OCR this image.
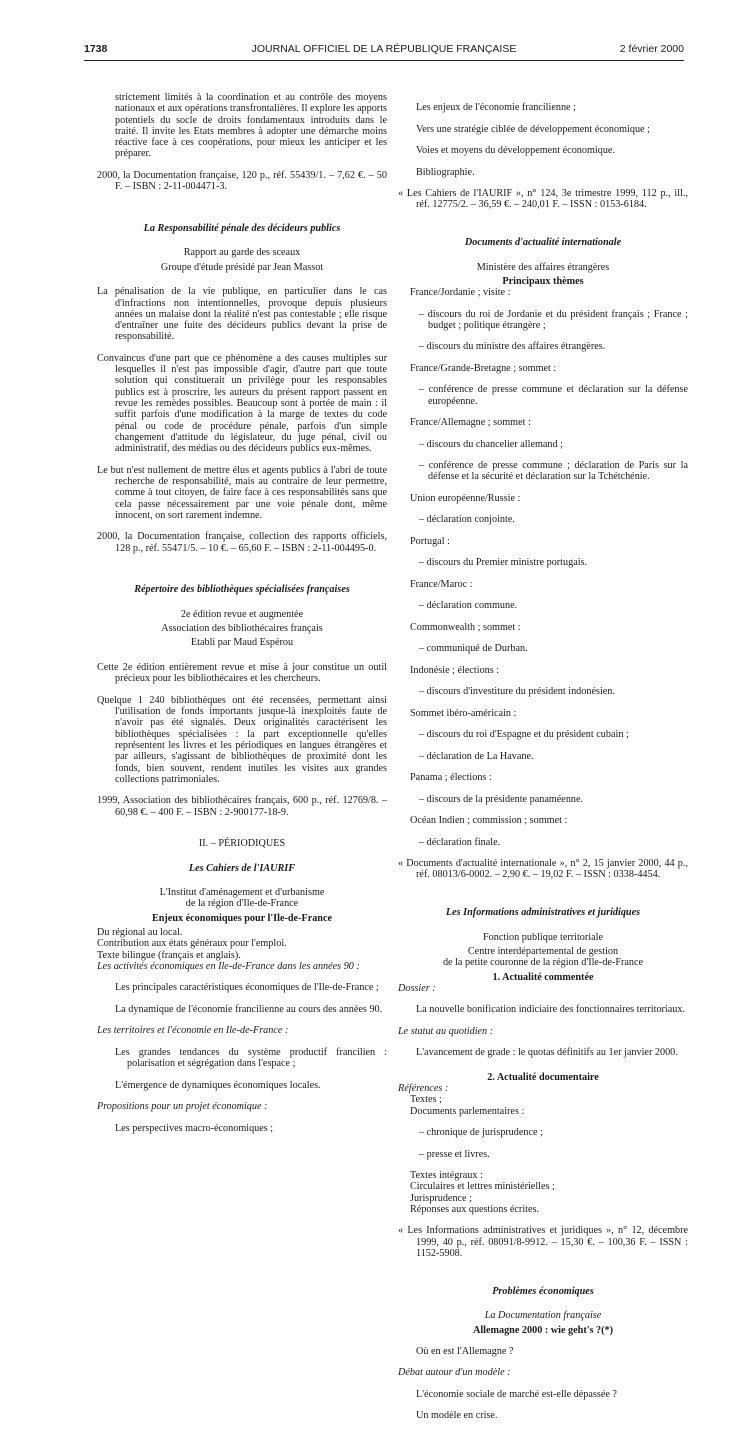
1738	JOURNAL OFFICIEL DE LA RÉPUBLIQUE FRANÇAISE	2 février 2000

strictement limités à la coordination et au contrôle des moyens nationaux et aux opérations transfrontalières. Il explore les apports potentiels du socle de droits fondamentaux introduits dans le traité. Il invite les Etats membres à adopter une démarche moins réactive face à ces coopérations, pour mieux les anticiper et les préparer.

2000, la Documentation française, 120 p., réf. 55439/1. – 7,62 €. – 50 F. – ISBN : 2-11-004471-3.

La Responsabilité pénale des décideurs publics

Rapport au garde des sceaux

Groupe d'étude présidé par Jean Massot

La pénalisation de la vie publique, en particulier dans le cas d'infractions non intentionnelles, provoque depuis plusieurs années un malaise dont la réalité n'est pas contestable ; elle risque d'entraîner une fuite des décideurs publics devant la prise de responsabilité.

Convaincus d'une part que ce phénomène a des causes multiples sur lesquelles il n'est pas impossible d'agir, d'autre part que toute solution qui constituerait un privilège pour les responsables publics est à proscrire, les auteurs du présent rapport passent en revue les remèdes possibles. Beaucoup sont à portée de main : il suffit parfois d'une modification à la marge de textes du code pénal ou code de procédure pénale, parfois d'un simple changement d'attitude du législateur, du juge pénal, civil ou administratif, des médias ou des décideurs publics eux-mêmes.

Le but n'est nullement de mettre élus et agents publics à l'abri de toute recherche de responsabilité, mais au contraire de leur permettre, comme à tout citoyen, de faire face à ces responsabilités sans que cela passe nécessairement par une voie pénale dont, même innocent, on sort rarement indemne.

2000, la Documentation française, collection des rapports officiels, 128 p., réf. 55471/5. – 10 €. – 65,60 F. – ISBN : 2-11-004495-0.

Répertoire des bibliothèques spécialisées françaises

2e édition revue et augmentée

Association des bibliothécaires français

Etabli par Maud Espérou

Cette 2e édition entièrement revue et mise à jour constitue un outil précieux pour les bibliothécaires et les chercheurs.

Quelque 1 240 bibliothèques ont été recensées, permettant ainsi l'utilisation de fonds importants jusque-là inexploités faute de n'avoir pas été signalés. Deux originalités caractérisent les bibliothèques spécialisées : la part exceptionnelle qu'elles représentent les livres et les périodiques en langues étrangères et par ailleurs, s'agissant de bibliothèques de proximité dont les fonds, bien souvent, rendent inutiles les visites aux grandes collections patrimoniales.

1999, Association des bibliothécaires français, 600 p., réf. 12769/8. – 60,98 €. – 400 F. – ISBN : 2-900177-18-9.

II. – PÉRIODIQUES

Les Cahiers de l'IAURIF

L'Institut d'aménagement et d'urbanisme

de la région d'Ile-de-France

Enjeux économiques pour l'Ile-de-France

Du régional au local.

Contribution aux états généraux pour l'emploi.

Texte bilingue (français et anglais).

Les activités économiques en Ile-de-France dans les années 90 :

Les principales caractéristiques économiques de l'Ile-de-France ;

La dynamique de l'économie francilienne au cours des années 90.

Les territoires et l'économie en Ile-de-France :

Les grandes tendances du système productif francilien : polarisation et ségrégation dans l'espace ;

L'émergence de dynamiques économiques locales.

Propositions pour un projet économique :

Les perspectives macro-économiques ;

Les enjeux de l'économie francilienne ;

Vers une stratégie ciblée de développement économique ;

Voies et moyens du développement économique.

Bibliographie.

« Les Cahiers de l'IAURIF », n° 124, 3e trimestre 1999, 112 p., ill., réf. 12775/2. – 36,59 €. – 240,01 F. – ISSN : 0153-6184.

Documents d'actualité internationale

Ministère des affaires étrangères

Principaux thèmes

France/Jordanie ; visite :

– discours du roi de Jordanie et du président français ; France ; budget ; politique étrangère ;

– discours du ministre des affaires étrangères.

France/Grande-Bretagne ; sommet :

– conférence de presse commune et déclaration sur la défense européenne.

France/Allemagne ; sommet :

– discours du chancelier allemand ;

– conférence de presse commune ; déclaration de Paris sur la défense et la sécurité et déclaration sur la Tchétchénie.

Union européenne/Russie :

– déclaration conjointe.

Portugal :

– discours du Premier ministre portugais.

France/Maroc :

– déclaration commune.

Commonwealth ; sommet :

– communiqué de Durban.

Indonésie ; élections :

– discours d'investiture du président indonésien.

Sommet ibéro-américain :

– discours du roi d'Espagne et du président cubain ;

– déclaration de La Havane.

Panama ; élections :

– discours de la présidente panaméenne.

Océan Indien ; commission ; sommet :

– déclaration finale.

« Documents d'actualité internationale », n° 2, 15 janvier 2000, 44 p., réf. 08013/6-0002. – 2,90 €. – 19,02 F. – ISSN : 0338-4454.

Les Informations administratives et juridiques

Fonction publique territoriale

Centre interdépartemental de gestion

de la petite couronne de la région d'Ile-de-France

1. Actualité commentée

Dossier :

La nouvelle bonification indiciaire des fonctionnaires territoriaux.

Le statut au quotidien :

L'avancement de grade : le quotas définitifs au 1er janvier 2000.

2. Actualité documentaire

Références :

Textes ;

Documents parlementaires :

– chronique de jurisprudence ;

– presse et livres.

Textes intégraux :

Circulaires et lettres ministérielles ;

Jurisprudence ;

Réponses aux questions écrites.

« Les Informations administratives et juridiques », n° 12, décembre 1999, 40 p., réf. 08091/8-9912. – 15,30 €. – 100,36 F. – ISSN : 1152-5908.

Problèmes économiques

La Documentation française

Allemagne 2000 : wie geht's ?(*)

Où en est l'Allemagne ?

Débat autour d'un modèle :

L'économie sociale de marché est-elle dépassée ?

Un modèle en crise.
